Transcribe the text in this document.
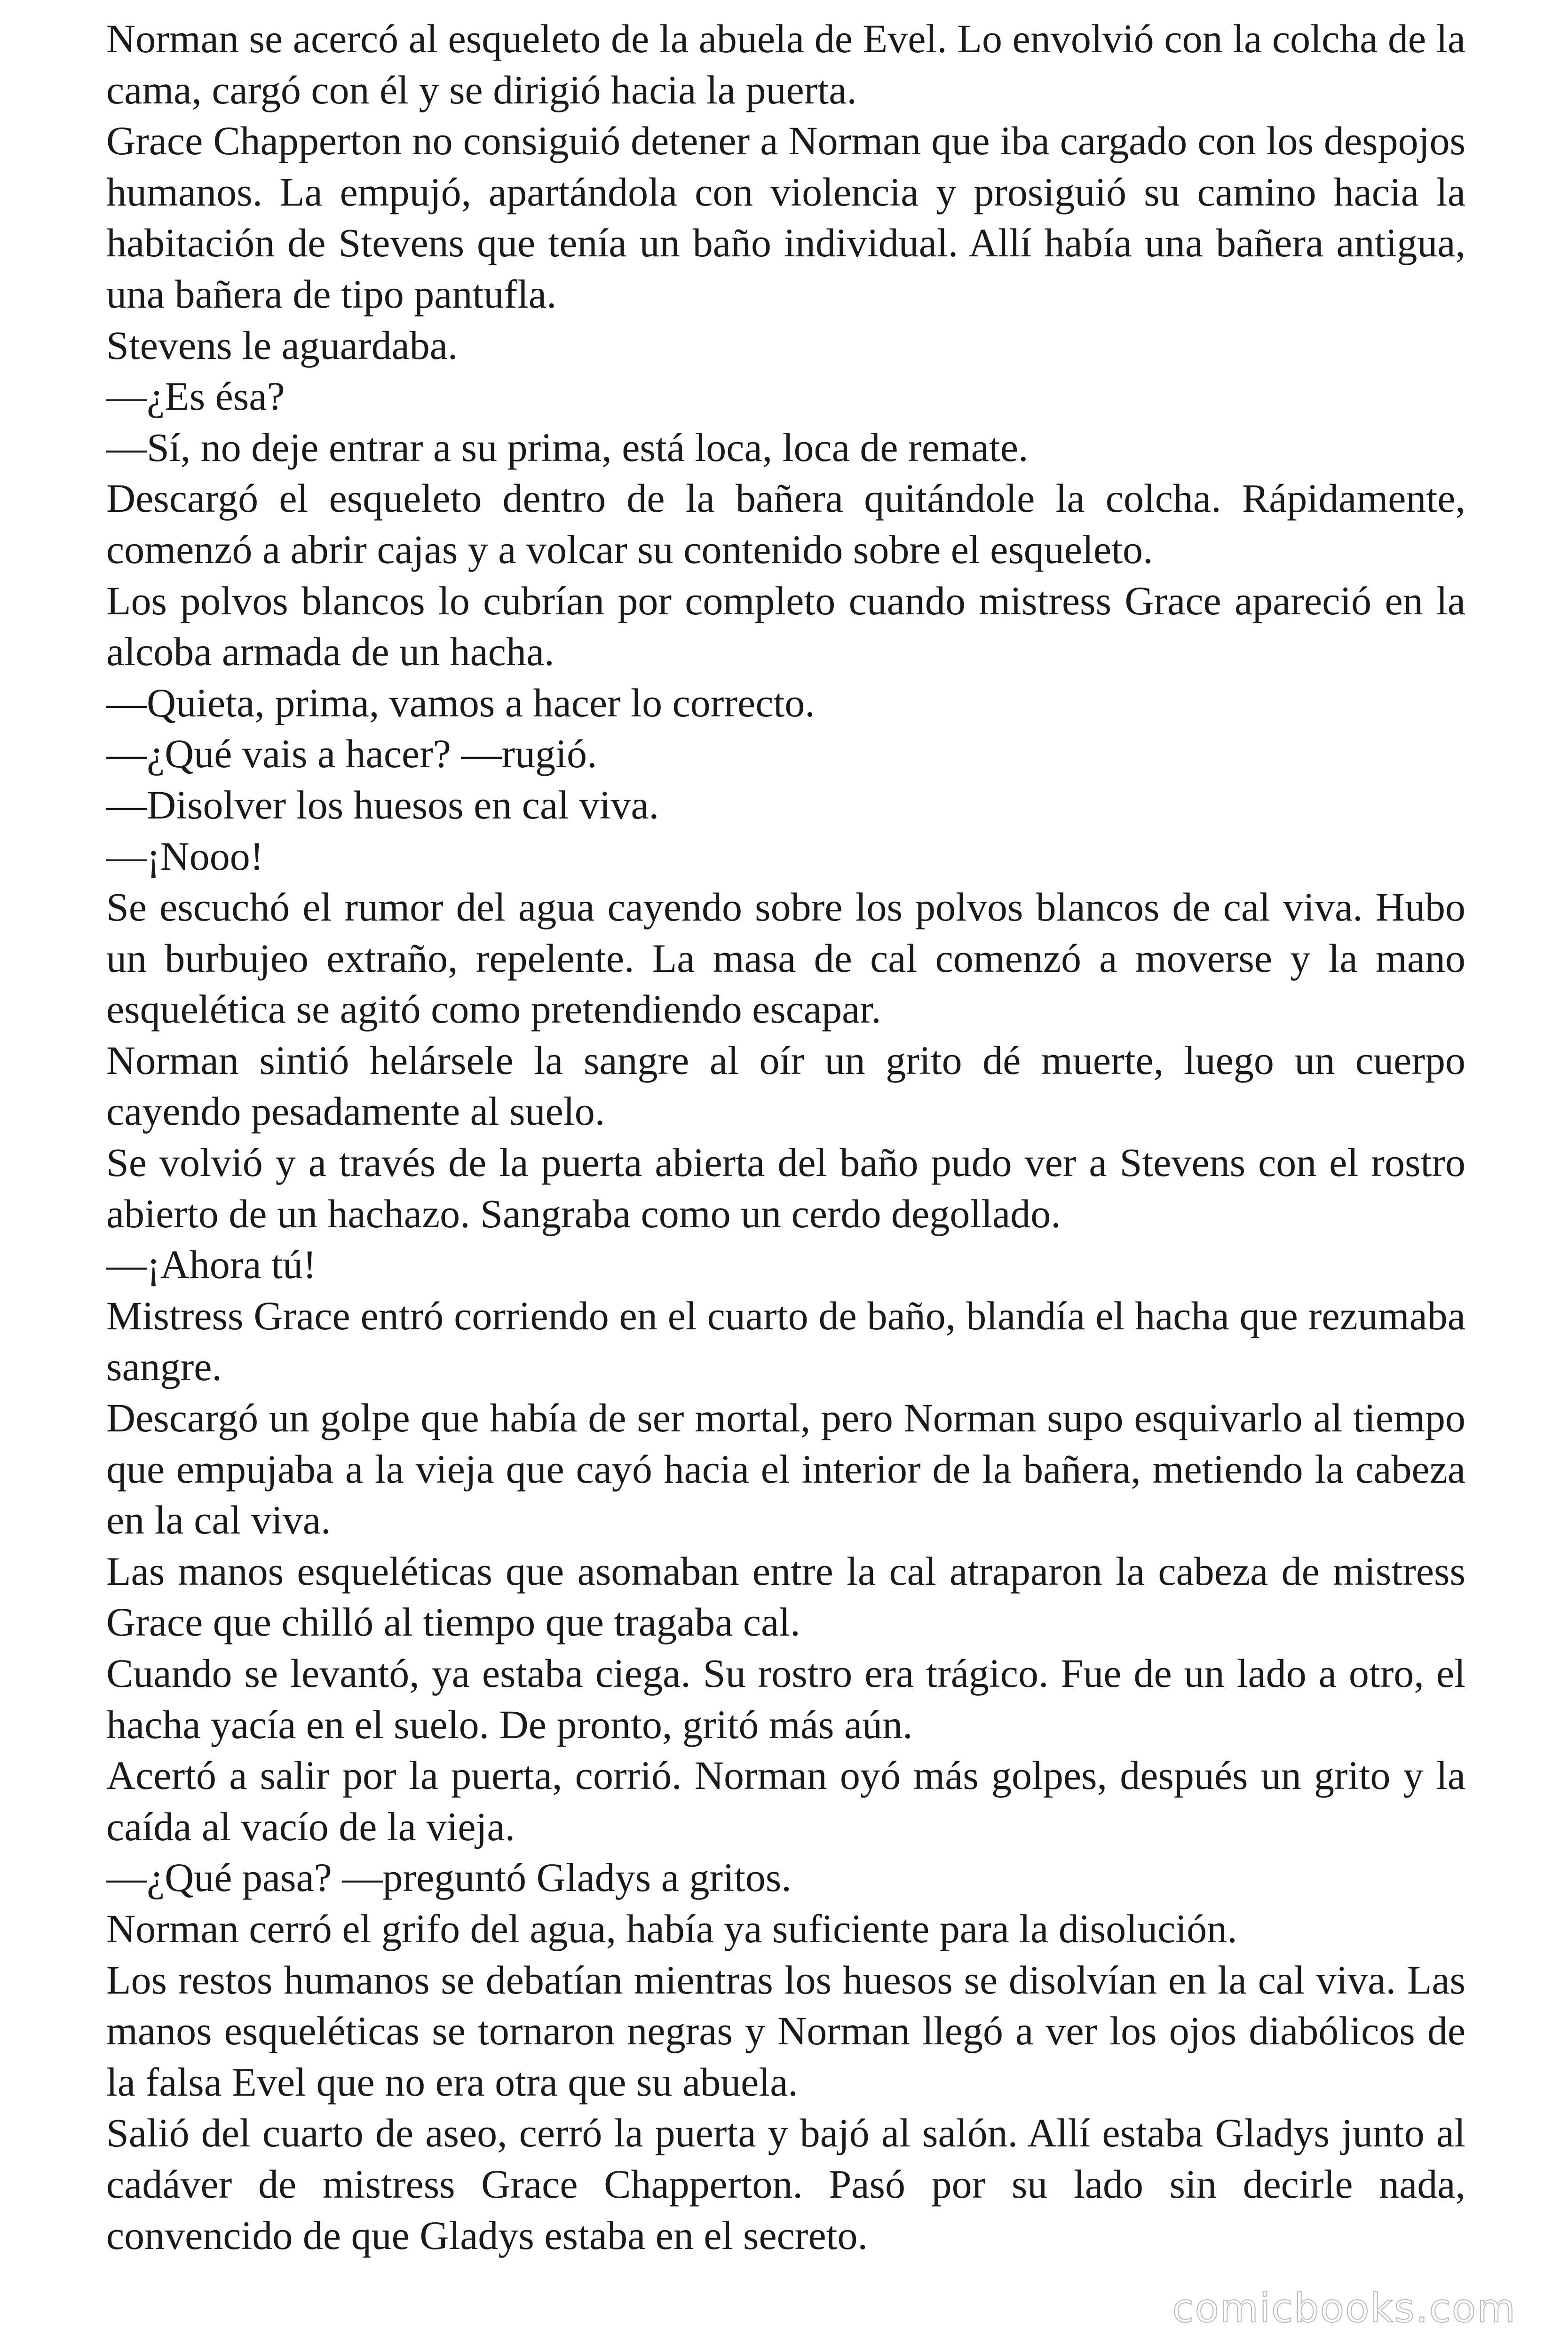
Norman se acercó al esqueleto de la abuela de Evel. Lo envolvió con la colcha de la cama, cargó con él y se dirigió hacia la puerta.

Grace Chapperton no consiguió detener a Norman que iba cargado con los despojos humanos. La empujó, apartándola con violencia y prosiguió su camino hacia la habitación de Stevens que tenía un baño individual. Allí había una bañera antigua, una bañera de tipo pantufla.

Stevens le aguardaba.

—¿Es ésa?

—Sí, no deje entrar a su prima, está loca, loca de remate.

Descargó el esqueleto dentro de la bañera quitándole la colcha. Rápidamente, comenzó a abrir cajas y a volcar su contenido sobre el esqueleto.

Los polvos blancos lo cubrían por completo cuando mistress Grace apareció en la alcoba armada de un hacha.

—Quieta, prima, vamos a hacer lo correcto.

—¿Qué vais a hacer? —rugió.

—Disolver los huesos en cal viva.

—¡Nooo!

Se escuchó el rumor del agua cayendo sobre los polvos blancos de cal viva. Hubo un burbujeo extraño, repelente. La masa de cal comenzó a moverse y la mano esquelética se agitó como pretendiendo escapar.

Norman sintió helársele la sangre al oír un grito dé muerte, luego un cuerpo cayendo pesadamente al suelo.

Se volvió y a través de la puerta abierta del baño pudo ver a Stevens con el rostro abierto de un hachazo. Sangraba como un cerdo degollado.

—¡Ahora tú!

Mistress Grace entró corriendo en el cuarto de baño, blandía el hacha que rezumaba sangre.

Descargó un golpe que había de ser mortal, pero Norman supo esquivarlo al tiempo que empujaba a la vieja que cayó hacia el interior de la bañera, metiendo la cabeza en la cal viva.

Las manos esqueléticas que asomaban entre la cal atraparon la cabeza de mistress Grace que chilló al tiempo que tragaba cal.

Cuando se levantó, ya estaba ciega. Su rostro era trágico. Fue de un lado a otro, el hacha yacía en el suelo. De pronto, gritó más aún.

Acertó a salir por la puerta, corrió. Norman oyó más golpes, después un grito y la caída al vacío de la vieja.

—¿Qué pasa? —preguntó Gladys a gritos.

Norman cerró el grifo del agua, había ya suficiente para la disolución.

Los restos humanos se debatían mientras los huesos se disolvían en la cal viva. Las manos esqueléticas se tornaron negras y Norman llegó a ver los ojos diabólicos de la falsa Evel que no era otra que su abuela.

Salió del cuarto de aseo, cerró la puerta y bajó al salón. Allí estaba Gladys junto al cadáver de mistress Grace Chapperton. Pasó por su lado sin decirle nada, convencido de que Gladys estaba en el secreto.

comicbooks.com
